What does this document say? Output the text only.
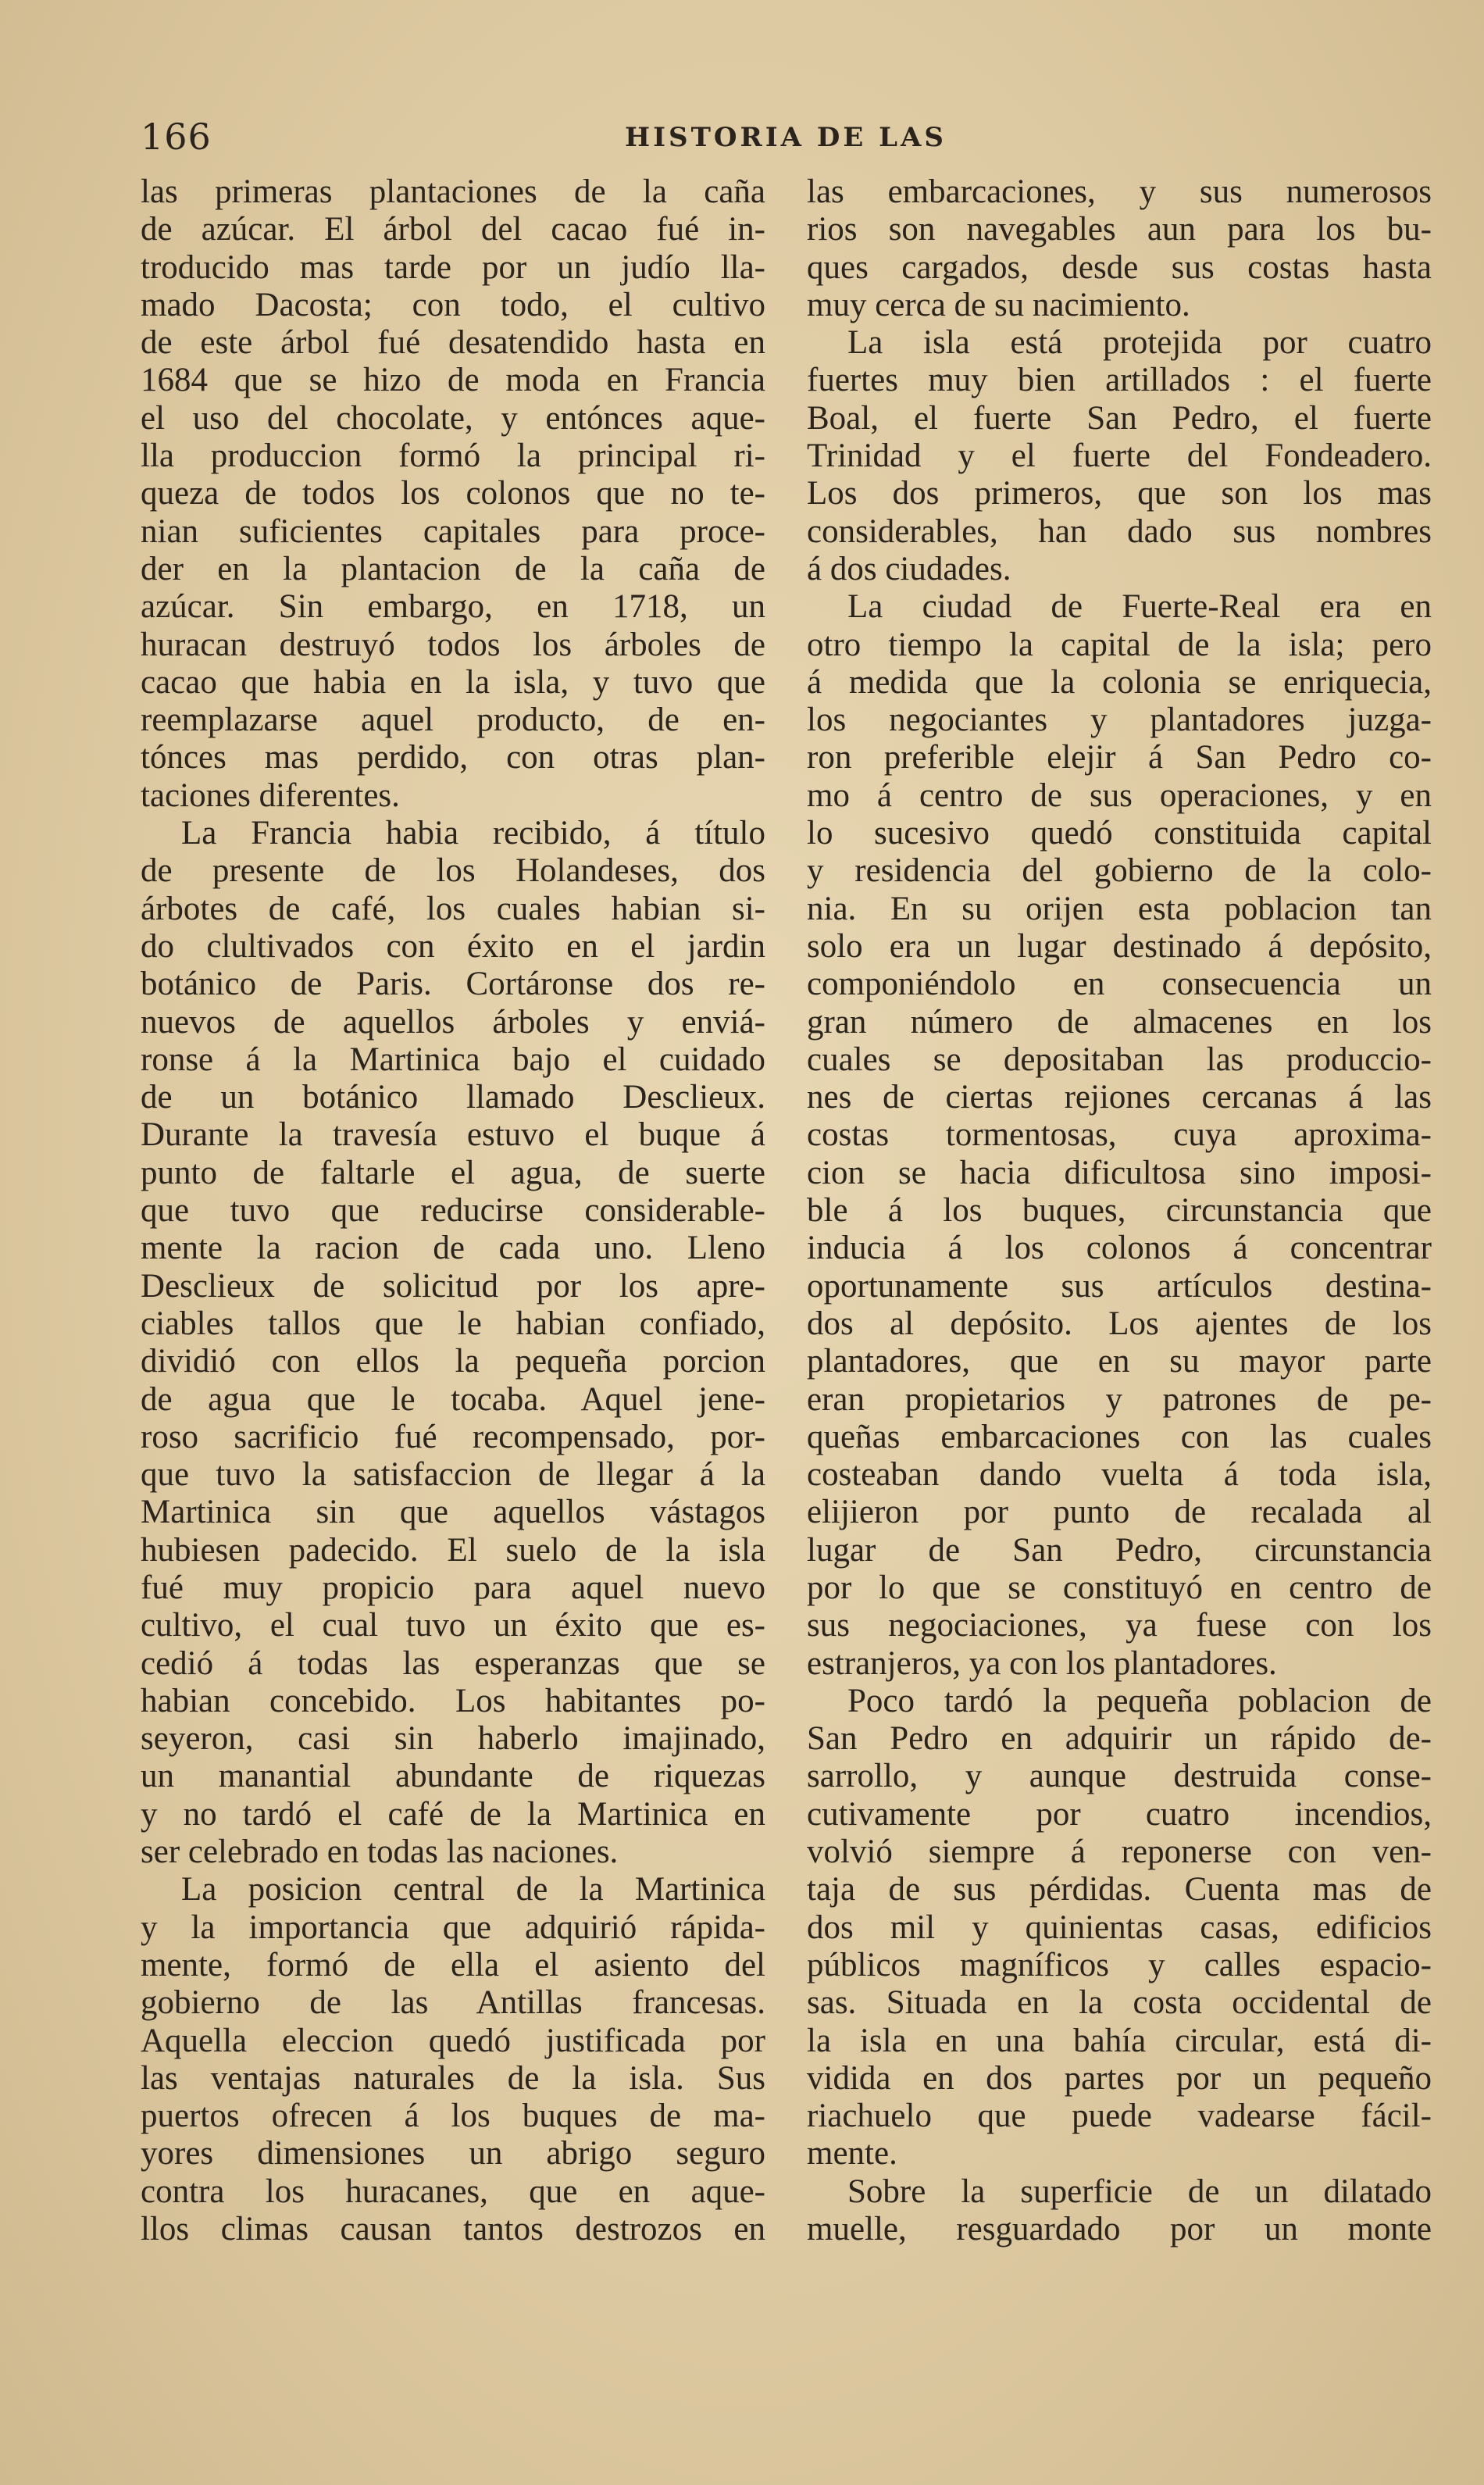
166	HISTORIA DE LAS
las primeras plantaciones de la caña
de azúcar. El árbol del cacao fué in-
troducido mas tarde por un judío lla-
mado Dacosta; con todo, el cultivo
de este árbol fué desatendido hasta en
1684 que se hizo de moda en Francia
el uso del chocolate, y entónces aque-
lla produccion formó la principal ri-
queza de todos los colonos que no te-
nian suficientes capitales para proce-
der en la plantacion de la caña de
azúcar. Sin embargo, en 1718, un
huracan destruyó todos los árboles de
cacao que habia en la isla, y tuvo que
reemplazarse aquel producto, de en-
tónces mas perdido, con otras plan-
taciones diferentes.
La Francia habia recibido, á título
de presente de los Holandeses, dos
árbotes de café, los cuales habian si-
do clultivados con éxito en el jardin
botánico de Paris. Cortáronse dos re-
nuevos de aquellos árboles y enviá-
ronse á la Martinica bajo el cuidado
de un botánico llamado Desclieux.
Durante la travesía estuvo el buque á
punto de faltarle el agua, de suerte
que tuvo que reducirse considerable-
mente la racion de cada uno. Lleno
Desclieux de solicitud por los apre-
ciables tallos que le habian confiado,
dividió con ellos la pequeña porcion
de agua que le tocaba. Aquel jene-
roso sacrificio fué recompensado, por-
que tuvo la satisfaccion de llegar á la
Martinica sin que aquellos vástagos
hubiesen padecido. El suelo de la isla
fué muy propicio para aquel nuevo
cultivo, el cual tuvo un éxito que es-
cedió á todas las esperanzas que se
habian concebido. Los habitantes po-
seyeron, casi sin haberlo imajinado,
un manantial abundante de riquezas
y no tardó el café de la Martinica en
ser celebrado en todas las naciones.
La posicion central de la Martinica
y la importancia que adquirió rápida-
mente, formó de ella el asiento del
gobierno de las Antillas francesas.
Aquella eleccion quedó justificada por
las ventajas naturales de la isla. Sus
puertos ofrecen á los buques de ma-
yores dimensiones un abrigo seguro
contra los huracanes, que en aque-
llos climas causan tantos destrozos en
las embarcaciones, y sus numerosos
rios son navegables aun para los bu-
ques cargados, desde sus costas hasta
muy cerca de su nacimiento.
La isla está protejida por cuatro
fuertes muy bien artillados : el fuerte
Boal, el fuerte San Pedro, el fuerte
Trinidad y el fuerte del Fondeadero.
Los dos primeros, que son los mas
considerables, han dado sus nombres
á dos ciudades.
La ciudad de Fuerte-Real era en
otro tiempo la capital de la isla; pero
á medida que la colonia se enriquecia,
los negociantes y plantadores juzga-
ron preferible elejir á San Pedro co-
mo á centro de sus operaciones, y en
lo sucesivo quedó constituida capital
y residencia del gobierno de la colo-
nia. En su orijen esta poblacion tan
solo era un lugar destinado á depósito,
componiéndolo en consecuencia un
gran número de almacenes en los
cuales se depositaban las produccio-
nes de ciertas rejiones cercanas á las
costas tormentosas, cuya aproxima-
cion se hacia dificultosa sino imposi-
ble á los buques, circunstancia que
inducia á los colonos á concentrar
oportunamente sus artículos destina-
dos al depósito. Los ajentes de los
plantadores, que en su mayor parte
eran propietarios y patrones de pe-
queñas embarcaciones con las cuales
costeaban dando vuelta á toda isla,
elijieron por punto de recalada al
lugar de San Pedro, circunstancia
por lo que se constituyó en centro de
sus negociaciones, ya fuese con los
estranjeros, ya con los plantadores.
Poco tardó la pequeña poblacion de
San Pedro en adquirir un rápido de-
sarrollo, y aunque destruida conse-
cutivamente por cuatro incendios,
volvió siempre á reponerse con ven-
taja de sus pérdidas. Cuenta mas de
dos mil y quinientas casas, edificios
públicos magníficos y calles espacio-
sas. Situada en la costa occidental de
la isla en una bahía circular, está di-
vidida en dos partes por un pequeño
riachuelo que puede vadearse fácil-
mente.
Sobre la superficie de un dilatado
muelle, resguardado por un monte
